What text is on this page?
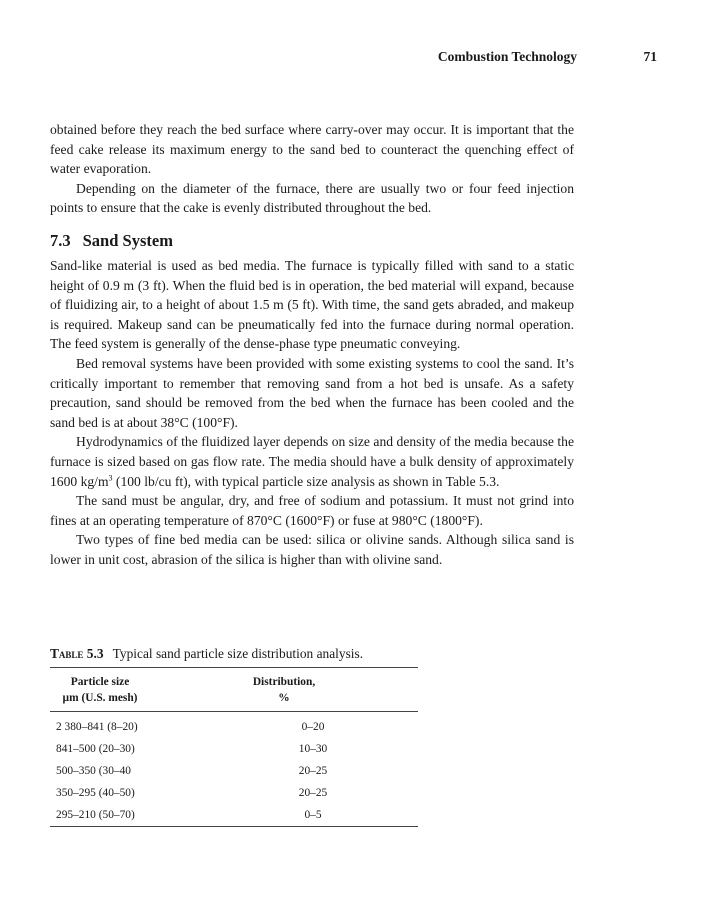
Combustion Technology	71

obtained before they reach the bed surface where carry-over may occur. It is important that the feed cake release its maximum energy to the sand bed to counteract the quenching effect of water evaporation.

Depending on the diameter of the furnace, there are usually two or four feed injection points to ensure that the cake is evenly distributed throughout the bed.

7.3 Sand System

Sand-like material is used as bed media. The furnace is typically filled with sand to a static height of 0.9 m (3 ft). When the fluid bed is in operation, the bed material will expand, because of fluidizing air, to a height of about 1.5 m (5 ft). With time, the sand gets abraded, and makeup is required. Makeup sand can be pneumatically fed into the furnace during normal operation. The feed system is generally of the dense-phase type pneumatic conveying.

Bed removal systems have been provided with some existing systems to cool the sand. It’s critically important to remember that removing sand from a hot bed is unsafe. As a safety precaution, sand should be removed from the bed when the furnace has been cooled and the sand bed is at about 38°C (100°F).

Hydrodynamics of the fluidized layer depends on size and density of the media because the furnace is sized based on gas flow rate. The media should have a bulk density of approximately 1600 $kg/m^3$ (100 lb/cu ft), with typical particle size analysis as shown in Table 5.3.

The sand must be angular, dry, and free of sodium and potassium. It must not grind into fines at an operating temperature of 870°C (1600°F) or fuse at 980°C (1800°F).

Two types of fine bed media can be used: silica or olivine sands. Although silica sand is lower in unit cost, abrasion of the silica is higher than with olivine sand.

Table 5.3 Typical sand particle size distribution analysis.
Particle size	Distribution,
µm (U.S. mesh)	%
2 380–841 (8–20)	0–20
841–500 (20–30)	10–30
500–350 (30–40	20–25
350–295 (40–50)	20–25
295–210 (50–70)	0–5
